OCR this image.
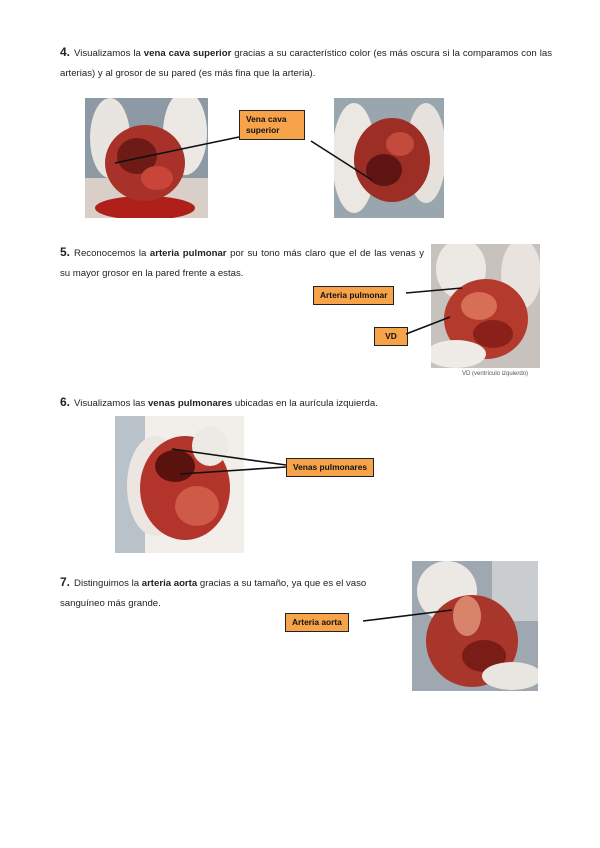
4. Visualizamos la vena cava superior gracias a su característico color (es más oscura si la comparamos con las arterias) y al grosor de su pared (es más fina que la arteria).
Vena cava superior
5. Reconocemos la arteria pulmonar por su tono más claro que el de las venas y su mayor grosor en la pared frente a estas.
Arteria pulmonar
VD
VD (ventrículo izquierdo)
6. Visualizamos las venas pulmonares ubicadas en la aurícula izquierda.
Venas pulmonares
7. Distinguimos la arteria aorta gracias a su tamaño, ya que es el vaso sanguíneo más grande.
Arteria aorta
